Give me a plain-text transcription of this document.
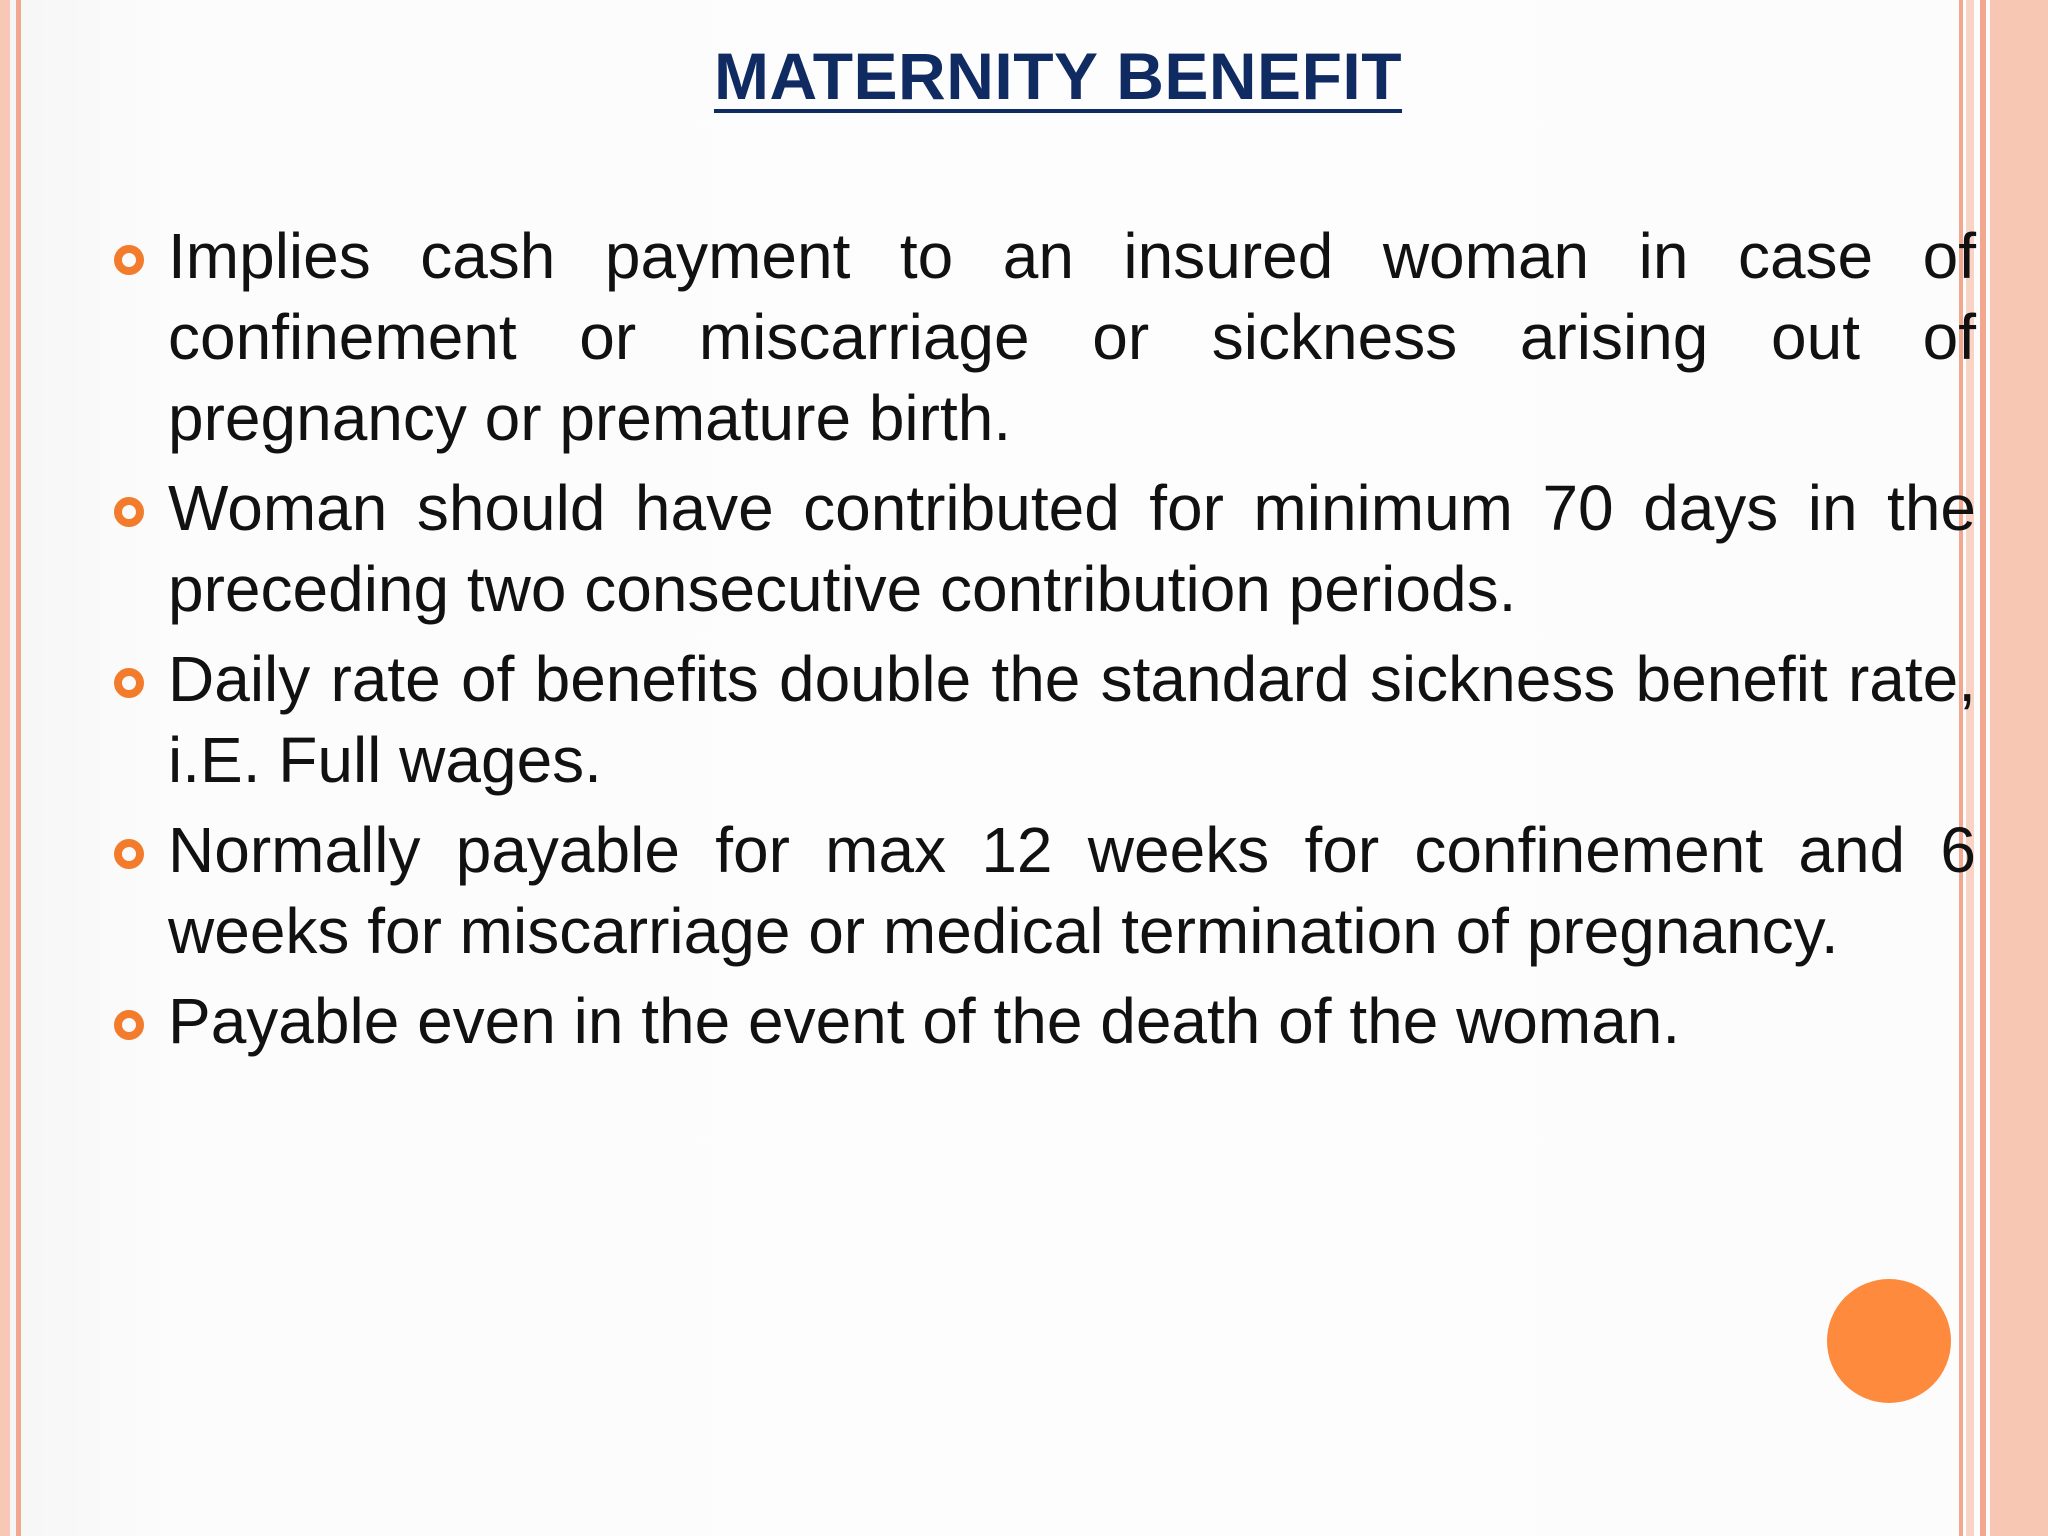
MATERNITY BENEFIT
Implies cash payment to an insured woman in case of confinement or miscarriage or sickness arising out of pregnancy or premature birth.
Woman should have contributed for minimum 70 days in the preceding two consecutive contribution periods.
Daily rate of benefits double the standard sickness benefit rate, i.E. Full wages.
Normally payable for max 12 weeks for confinement and 6 weeks for miscarriage or medical termination of pregnancy.
Payable even in the event of the death of the woman.
